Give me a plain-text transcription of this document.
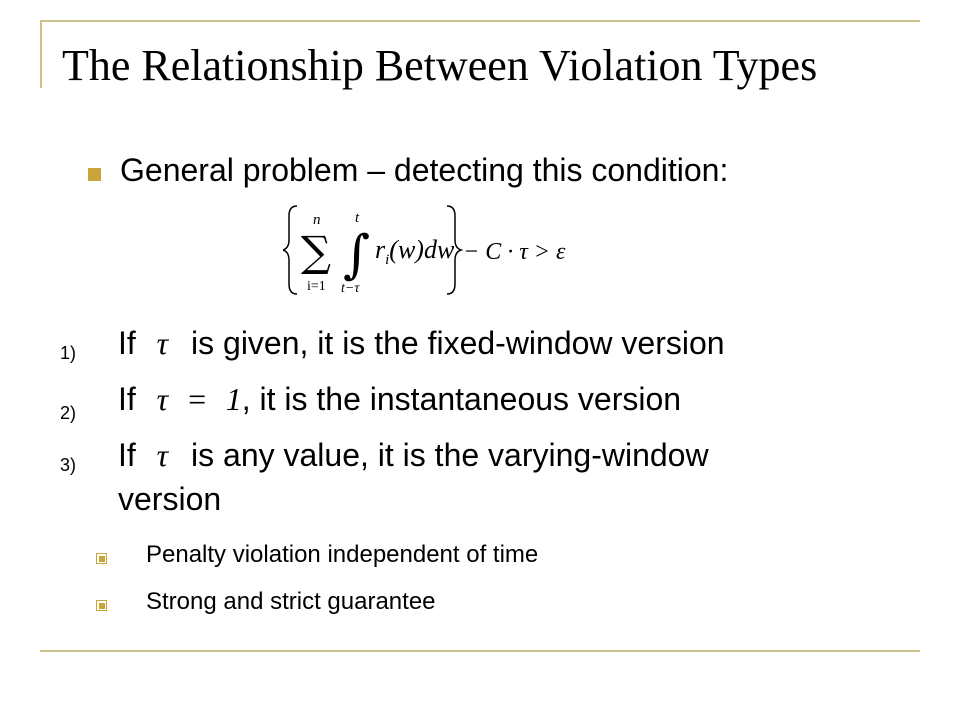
The Relationship Between Violation Types
General problem – detecting this condition:
n
∑
i=1
t
∫
t−τ
$r_i(w)dw - C \cdot \tau > \varepsilon$
1) If τ is given, it is the fixed-window version
2) If τ = 1, it is the instantaneous version
3) If τ is any value, it is the varying-window
version
Penalty violation independent of time
Strong and strict guarantee
